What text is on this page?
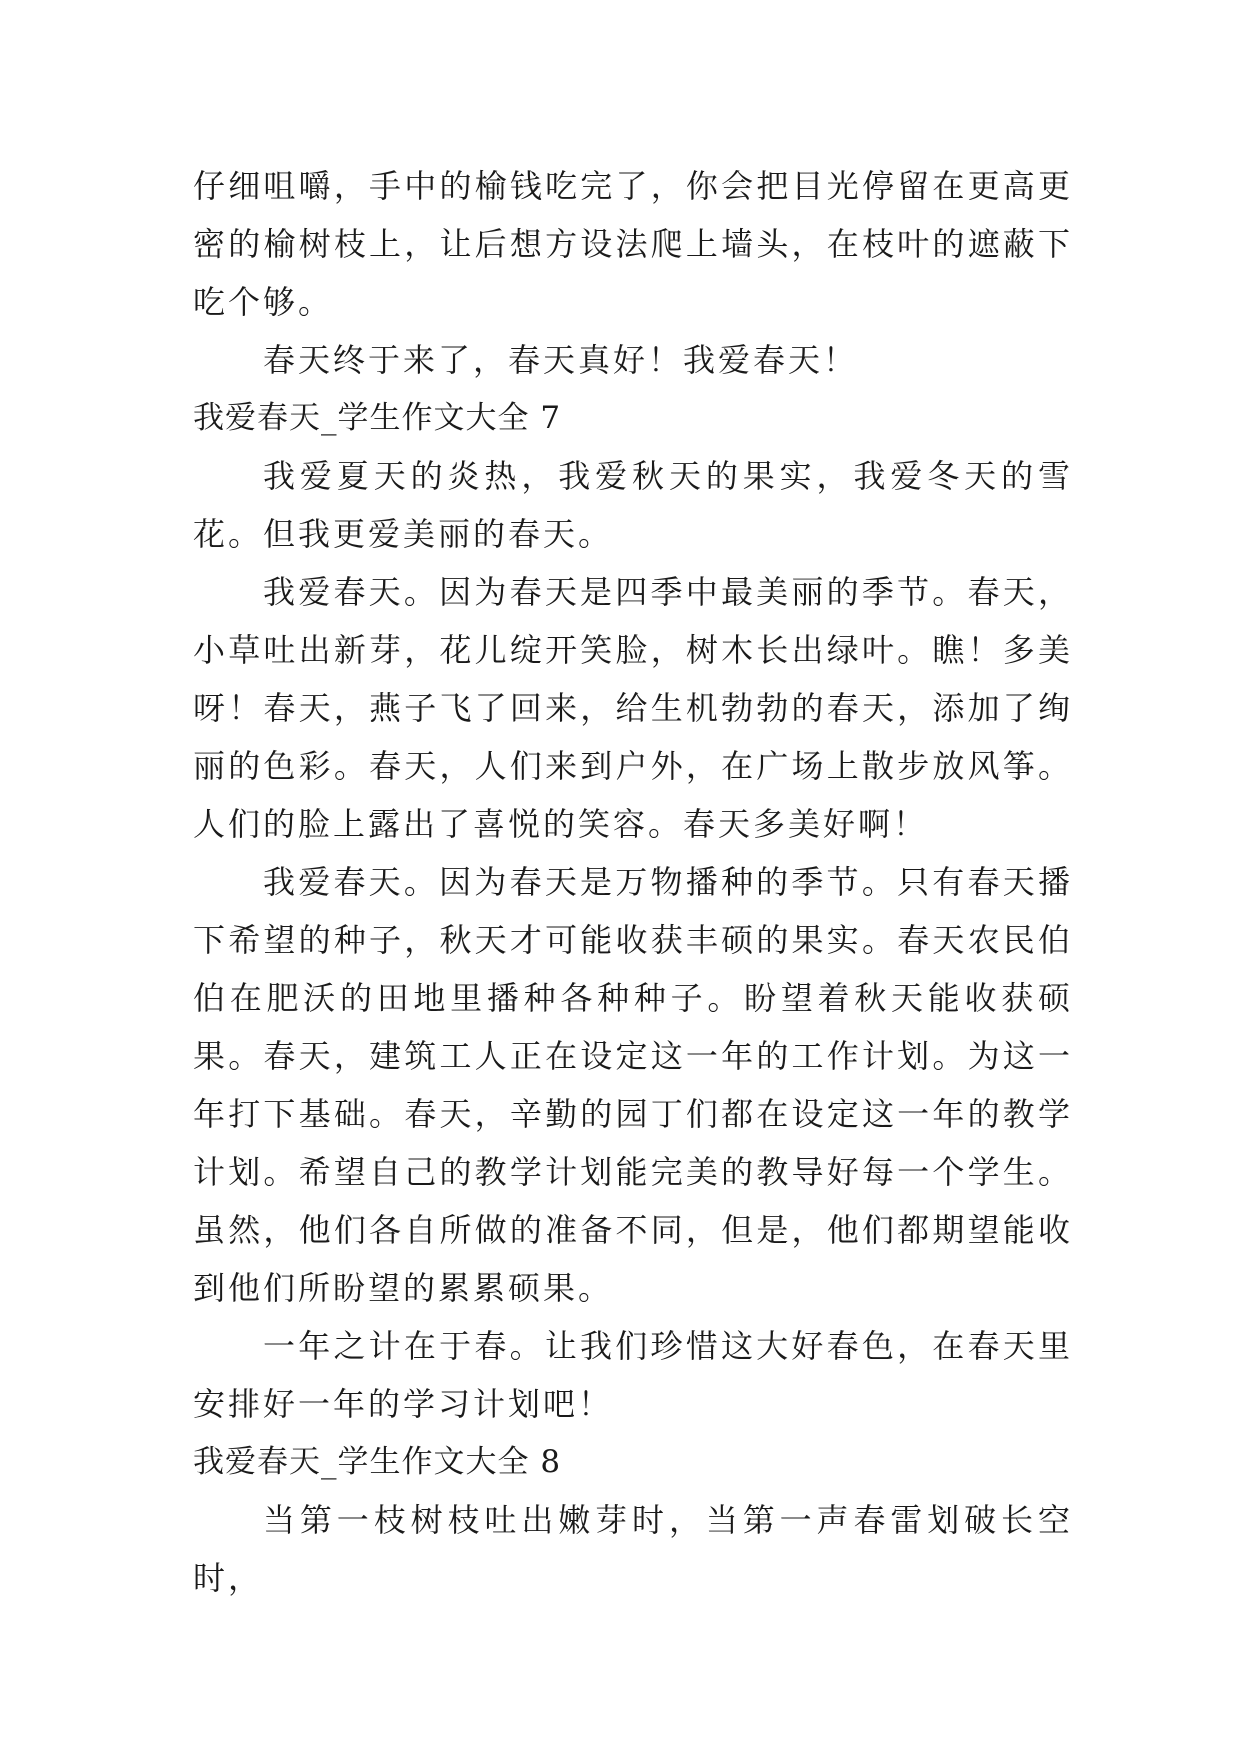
仔细咀嚼，手中的榆钱吃完了，你会把目光停留在更高更密的榆树枝上，让后想方设法爬上墙头，在枝叶的遮蔽下吃个够。

春天终于来了，春天真好！我爱春天！

我爱春天_学生作文大全 7

我爱夏天的炎热，我爱秋天的果实，我爱冬天的雪花。但我更爱美丽的春天。

我爱春天。因为春天是四季中最美丽的季节。春天，小草吐出新芽，花儿绽开笑脸，树木长出绿叶。瞧！多美呀！春天，燕子飞了回来，给生机勃勃的春天，添加了绚丽的色彩。春天，人们来到户外，在广场上散步放风筝。人们的脸上露出了喜悦的笑容。春天多美好啊！

我爱春天。因为春天是万物播种的季节。只有春天播下希望的种子，秋天才可能收获丰硕的果实。春天农民伯伯在肥沃的田地里播种各种种子。盼望着秋天能收获硕果。春天，建筑工人正在设定这一年的工作计划。为这一年打下基础。春天，辛勤的园丁们都在设定这一年的教学计划。希望自己的教学计划能完美的教导好每一个学生。虽然，他们各自所做的准备不同，但是，他们都期望能收到他们所盼望的累累硕果。

一年之计在于春。让我们珍惜这大好春色，在春天里安排好一年的学习计划吧！

我爱春天_学生作文大全 8

当第一枝树枝吐出嫩芽时，当第一声春雷划破长空时，
